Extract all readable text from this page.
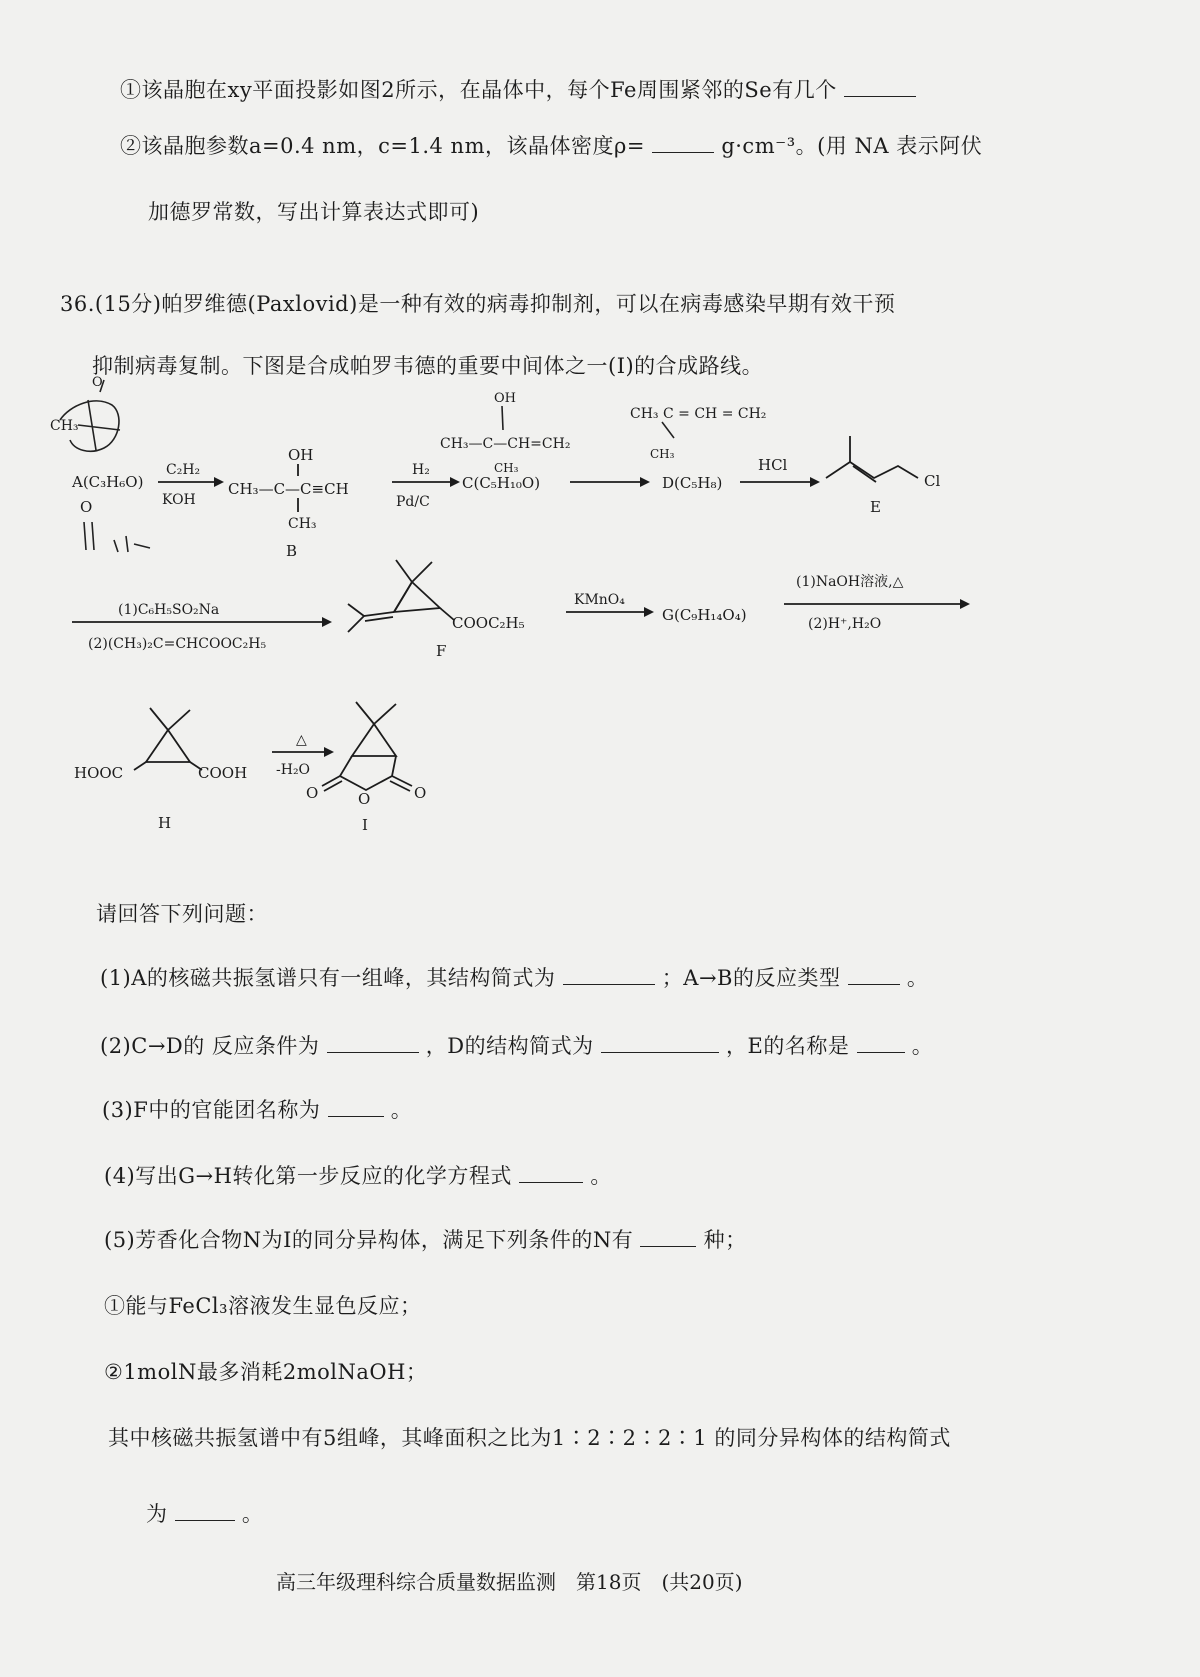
①该晶胞在xy平面投影如图2所示，在晶体中，每个Fe周围紧邻的Se有几个
②该晶胞参数a=0.4 nm，c=1.4 nm，该晶体密度ρ=	g·cm⁻³。(用 NA 表示阿伏
加德罗常数，写出计算表达式即可)
36.(15分)帕罗维德(Paxlovid)是一种有效的病毒抑制剂，可以在病毒感染早期有效干预
抑制病毒复制。下图是合成帕罗韦德的重要中间体之一(I)的合成路线。
CH₃
O
O
A(C₃H₆O)
C₂H₂
KOH
OH
CH₃—C—C≡CH
CH₃
B
H₂
Pd/C
OH
CH₃—C—CH=CH₂
CH₃
C(C₅H₁₀O)
CH₃ C = CH = CH₂
CH₃
D(C₅H₈)
HCl
Cl
E
(1)C₆H₅SO₂Na
(2)(CH₃)₂C=CHCOOC₂H₅
COOC₂H₅
F
KMnO₄
G(C₉H₁₄O₄)
(1)NaOH溶液,△
(2)H⁺,H₂O
HOOC	COOH
H
△
-H₂O
O	O	O
I
请回答下列问题：
(1)A的核磁共振氢谱只有一组峰，其结构简式为	；A→B的反应类型	。
(2)C→D的 反应条件为	，D的结构简式为	，E的名称是	。
(3)F中的官能团名称为	。
(4)写出G→H转化第一步反应的化学方程式	。
(5)芳香化合物N为I的同分异构体，满足下列条件的N有	种；
①能与FeCl₃溶液发生显色反应；
②1molN最多消耗2molNaOH；
其中核磁共振氢谱中有5组峰，其峰面积之比为1∶2∶2∶2∶1 的同分异构体的结构简式
为	。
高三年级理科综合质量数据监测　第18页　(共20页)
